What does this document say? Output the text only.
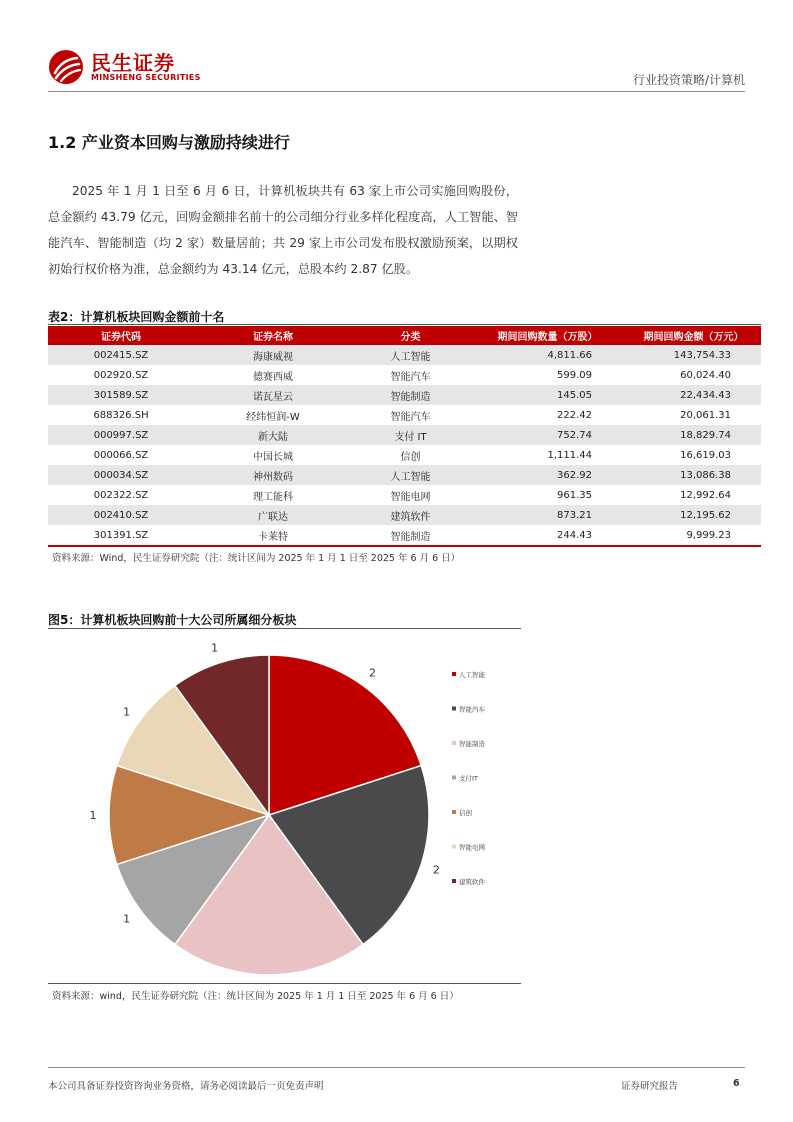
民生证券
MINSHENG SECURITIES	行业投资策略/计算机
1.2 产业资本回购与激励持续进行
2025 年 1 月 1 日至 6 月 6 日，计算机板块共有 63 家上市公司实施回购股份，总金额约 43.79 亿元，回购金额排名前十的公司细分行业多样化程度高，人工智能、智能汽车、智能制造（均 2 家）数量居前；共 29 家上市公司发布股权激励预案，以期权初始行权价格为准，总金额约为 43.14 亿元，总股本约 2.87 亿股。
表2：计算机板块回购金额前十名
证券代码	证券名称	分类	期间回购数量（万股）	期间回购金额（万元）
002415.SZ	海康威视	人工智能	4,811.66	143,754.33
002920.SZ	德赛西威	智能汽车	599.09	60,024.40
301589.SZ	诺瓦星云	智能制造	145.05	22,434.43
688326.SH	经纬恒润-W	智能汽车	222.42	20,061.31
000997.SZ	新大陆	支付 IT	752.74	18,829.74
000066.SZ	中国长城	信创	1,111.44	16,619.03
000034.SZ	神州数码	人工智能	362.92	13,086.38
002322.SZ	理工能科	智能电网	961.35	12,992.64
002410.SZ	广联达	建筑软件	873.21	12,195.62
301391.SZ	卡莱特	智能制造	244.43	9,999.23
资料来源：Wind，民生证券研究院（注：统计区间为 2025 年 1 月 1 日至 2025 年 6 月 6 日）
图5：计算机板块回购前十大公司所属细分板块
2
2
1
1
1
1
人工智能
智能汽车
智能制造
支付IT
信创
智能电网
建筑软件
资料来源：wind，民生证券研究院（注：统计区间为 2025 年 1 月 1 日至 2025 年 6 月 6 日）
本公司具备证券投资咨询业务资格，请务必阅读最后一页免责声明	证券研究报告	6
